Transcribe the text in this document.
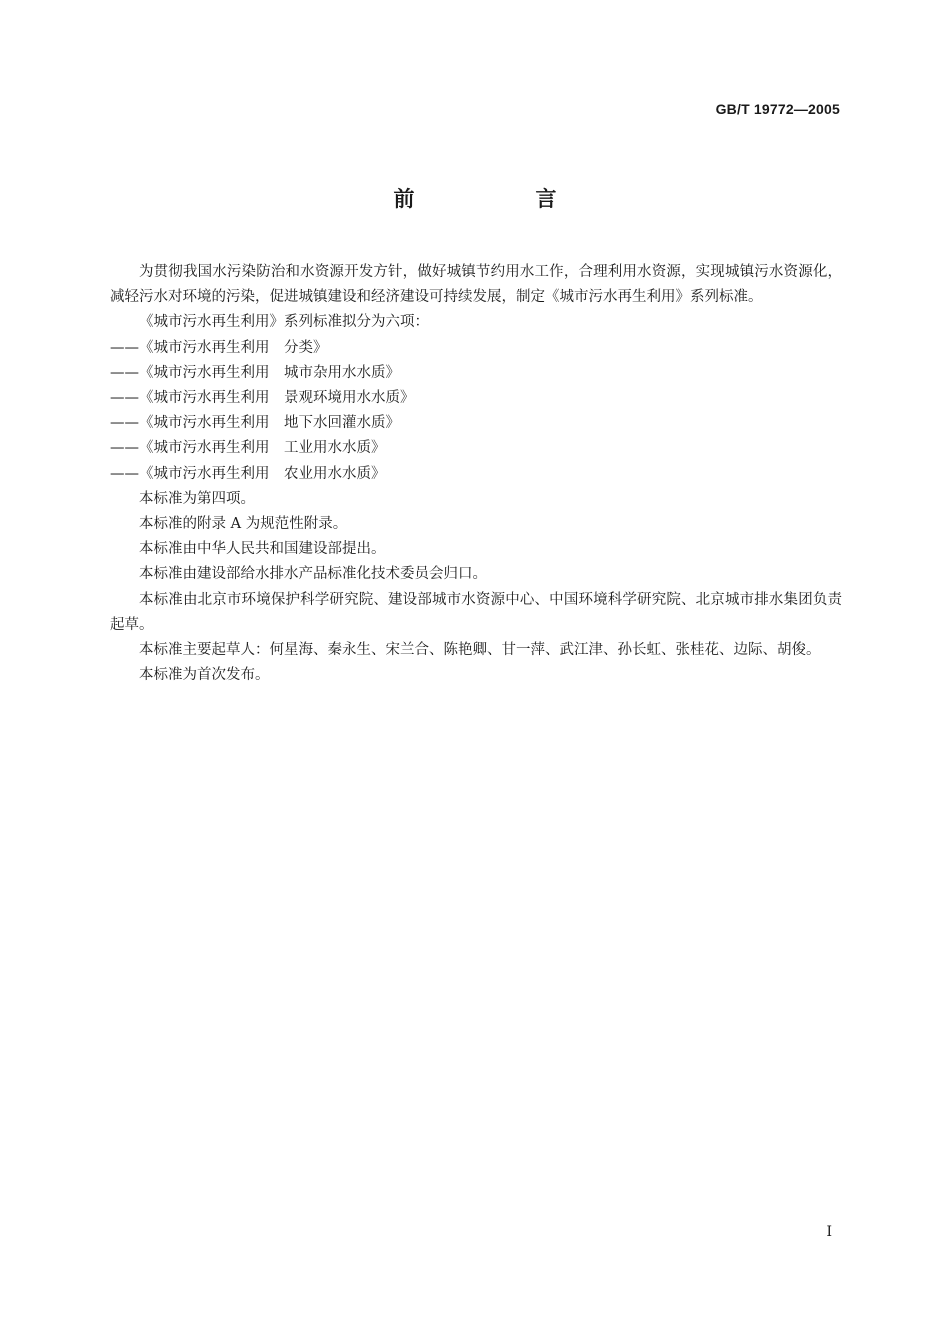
GB/T 19772—2005
前　言

为贯彻我国水污染防治和水资源开发方针，做好城镇节约用水工作，合理利用水资源，实现城镇污水资源化，减轻污水对环境的污染，促进城镇建设和经济建设可持续发展，制定《城市污水再生利用》系列标准。

《城市污水再生利用》系列标准拟分为六项：

——《城市污水再生利用　分类》

——《城市污水再生利用　城市杂用水水质》

——《城市污水再生利用　景观环境用水水质》

——《城市污水再生利用　地下水回灌水质》

——《城市污水再生利用　工业用水水质》

——《城市污水再生利用　农业用水水质》

本标准为第四项。

本标准的附录 A 为规范性附录。

本标准由中华人民共和国建设部提出。

本标准由建设部给水排水产品标准化技术委员会归口。

本标准由北京市环境保护科学研究院、建设部城市水资源中心、中国环境科学研究院、北京城市排水集团负责起草。

本标准主要起草人：何星海、秦永生、宋兰合、陈艳卿、甘一萍、武江津、孙长虹、张桂花、边际、胡俊。

本标准为首次发布。

I
